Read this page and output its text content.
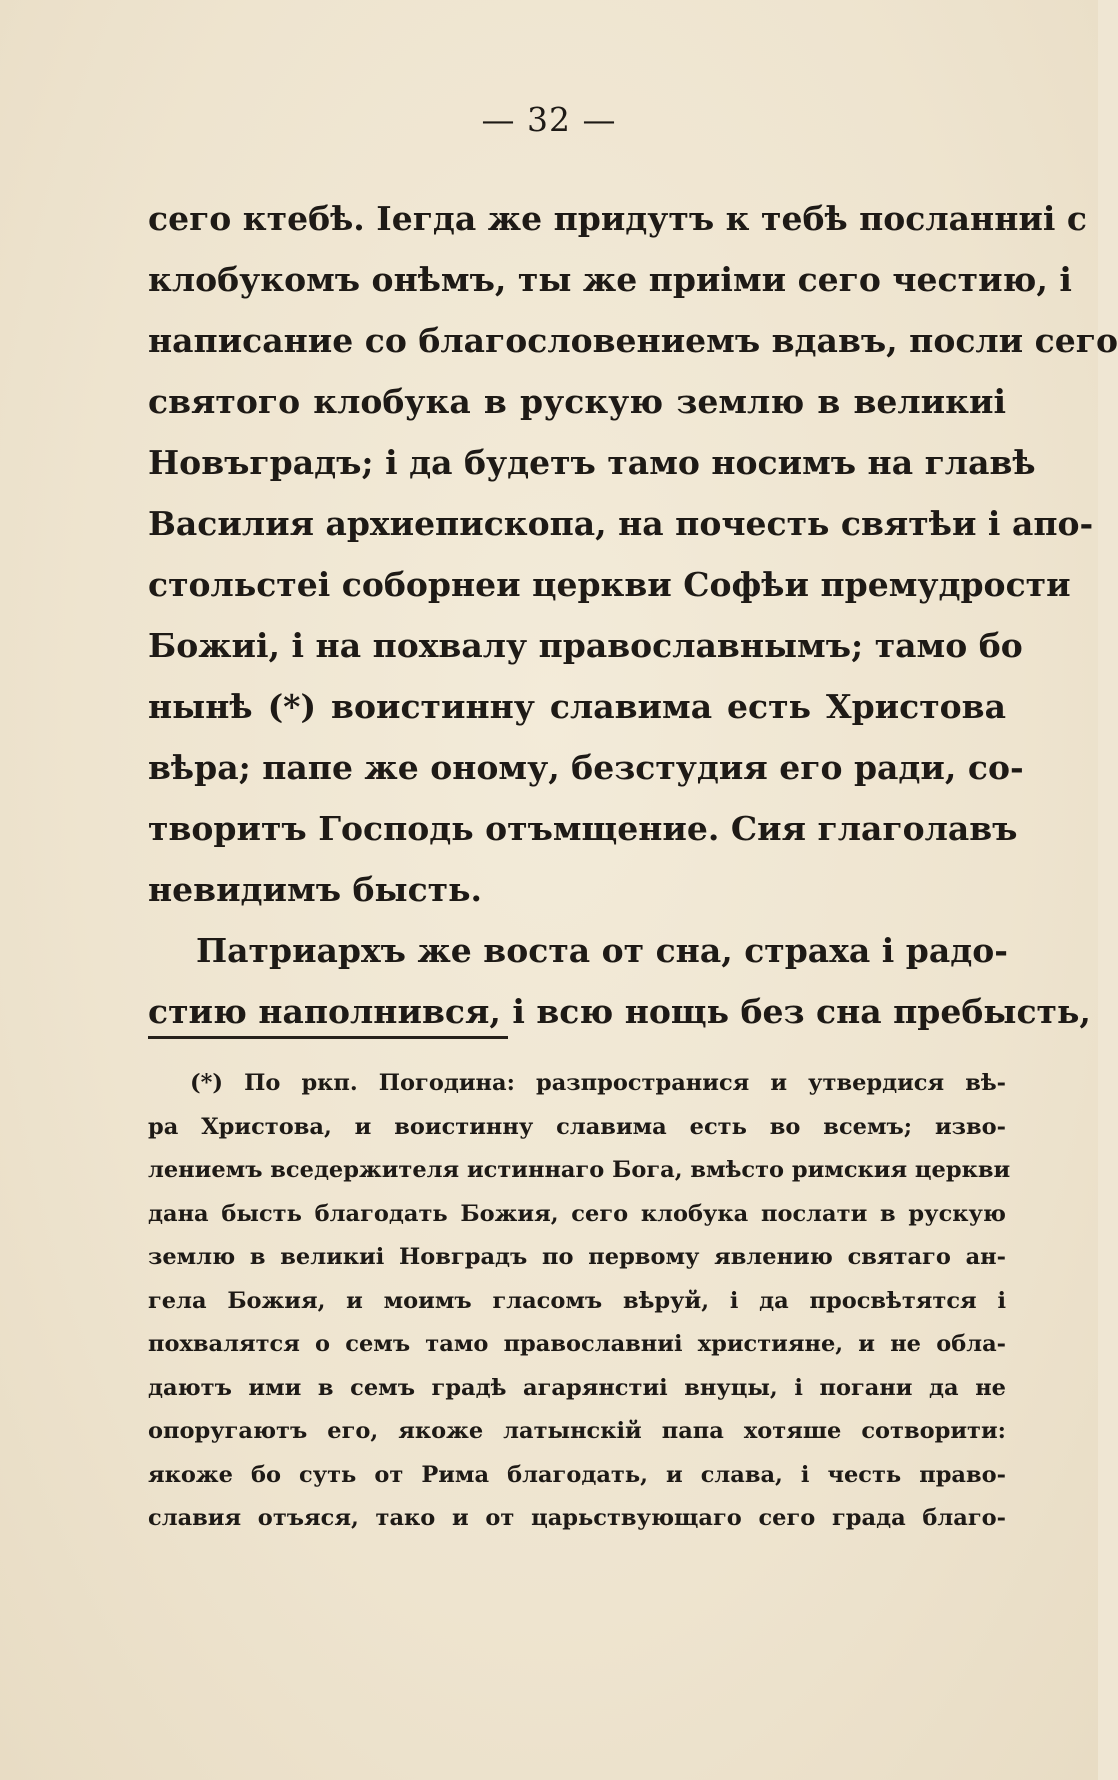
— 32 —
сего ктебѣ. Іегда же придутъ к тебѣ посланниі с
клобукомъ онѣмъ, ты же приіми сего честию, і
написание со благословениемъ вдавъ, посли сего
святого клобука в рускую землю в великиі
Новъградъ; і да будетъ тамо носимъ на главѣ
Василия архиепископа, на почесть святѣи і апо-
стольстеі соборнеи церкви Софѣи премудрости
Божиі, і на похвалу православнымъ; тамо бо
нынѣ (*) воистинну славима есть Христова
вѣра; папе же оному, безстудия его ради, со-
творитъ Господь отъмщение. Сия глаголавъ
невидимъ бысть.
Патриархъ же воста от сна, страха і радо-
стию наполнився, і всю нощь без сна пребысть,
(*) По ркп. Погодина: разпространися и утвердися вѣ-
ра Христова, и воистинну славима есть во всемъ; изво-
лениемъ вседержителя истиннаго Бога, вмѣсто римския церкви
дана бысть благодать Божия, сего клобука послати в рускую
землю в великиі Новградъ по первому явлению святаго ан-
гела Божия, и моимъ гласомъ вѣруй, і да просвѣтятся і
похвалятся о семъ тамо православниі християне, и не обла-
даютъ ими в семъ градѣ агарянстиі внуцы, і погани да не
опоругаютъ его, якоже латынскій папа хотяше сотворити:
якоже бо суть от Рима благодать, и слава, і честь право-
славия отъяся, тако и от царьствующаго сего града благо-
